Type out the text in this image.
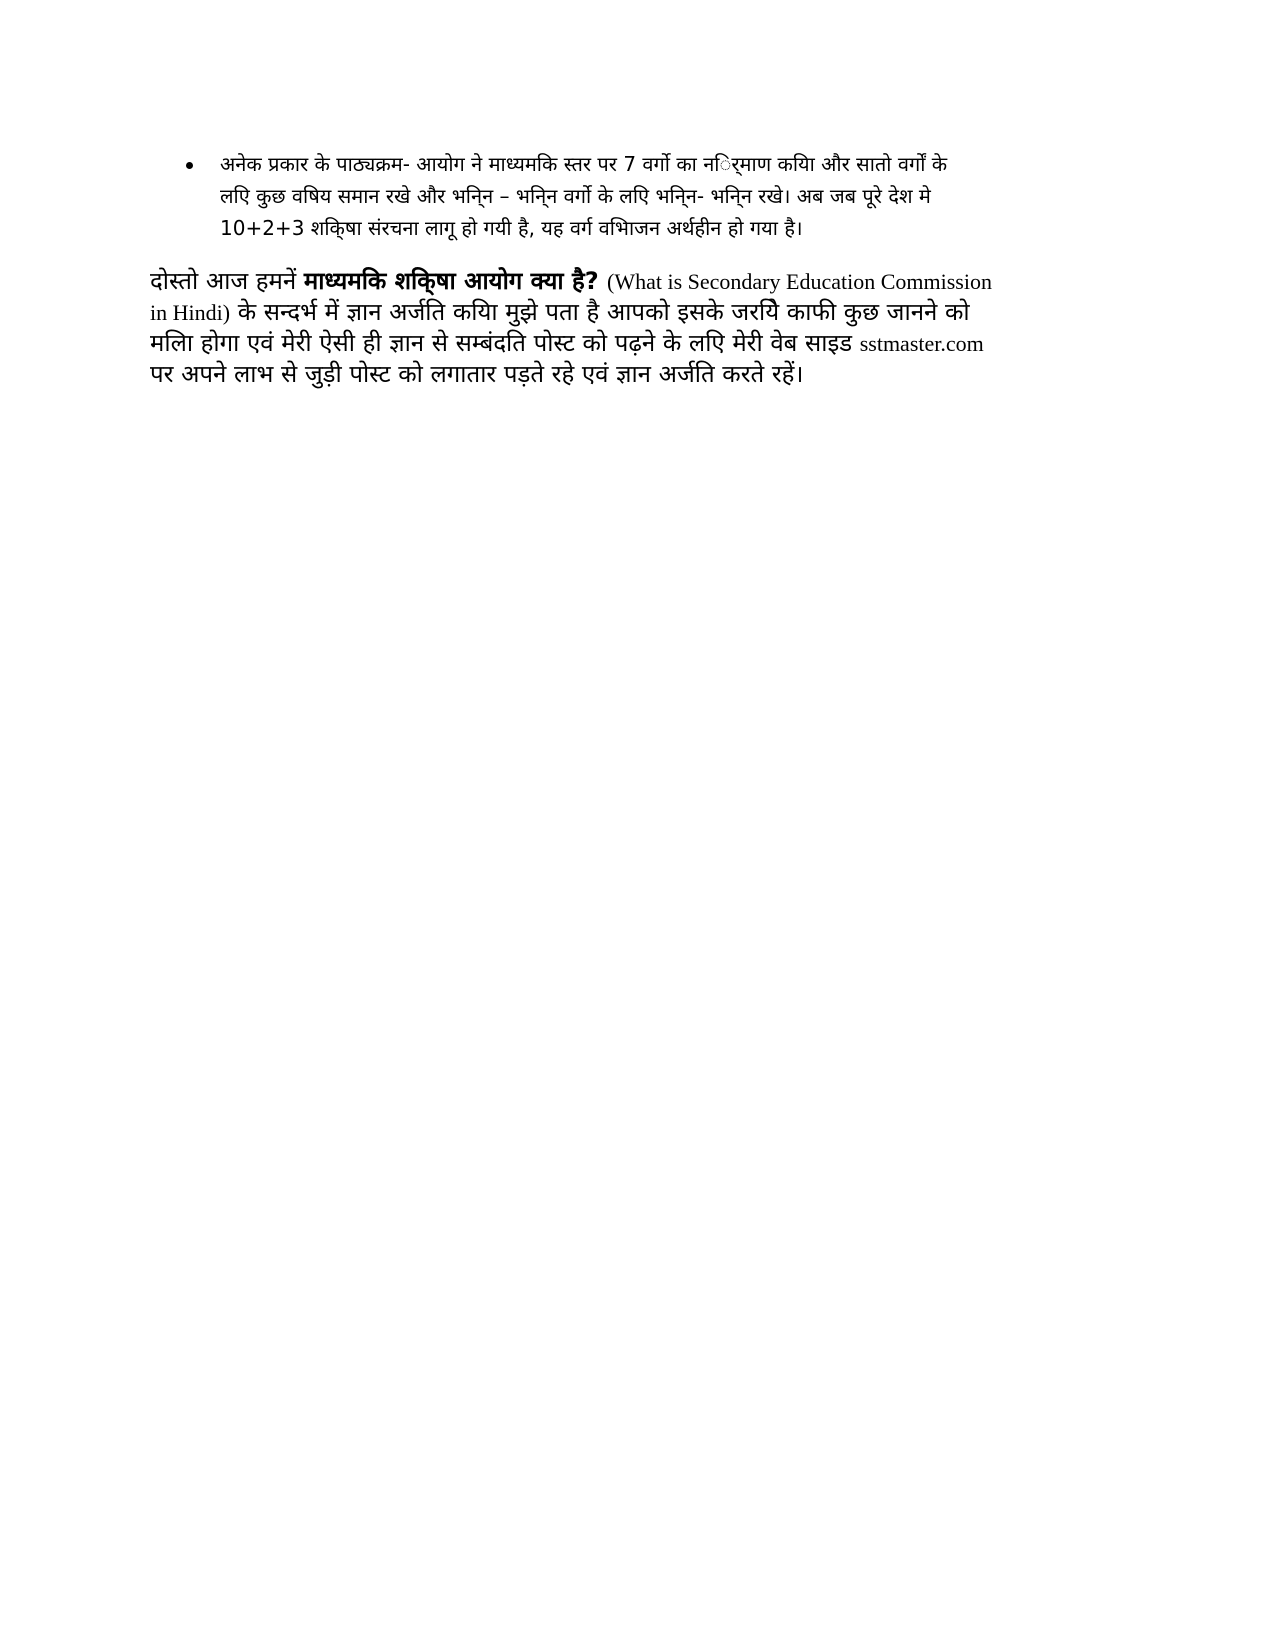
अनेक प्रकार के पाठ्यक्रम- आयोग ने माध्यमकि स्तर पर 7 वर्गो का नर्िमाण कयिा और सातो वर्गों के
लएि कुछ वषिय समान रखे और भनि्न – भनि्न वर्गो के लएि भनि्न- भनि्न रखे। अब जब पूरे देश मे
10+2+3 शकि्षा संरचना लागू हो गयी है, यह वर्ग वभिाजन अर्थहीन हो गया है।
दोस्तो आज हमनें माध्यमकि शकि्षा आयोग क्या है? (What is Secondary Education Commission
in Hindi) के सन्दर्भ में ज्ञान अर्जति कयिा मुझे पता है आपको इसके जरयिे काफी कुछ जानने को
मलिा होगा एवं मेरी ऐसी ही ज्ञान से सम्बंदति पोस्ट को पढ़ने के लएि मेरी वेब साइड sstmaster.com
पर अपने लाभ से जुड़ी पोस्ट को लगातार पड़ते रहे एवं ज्ञान अर्जति करते रहें।
